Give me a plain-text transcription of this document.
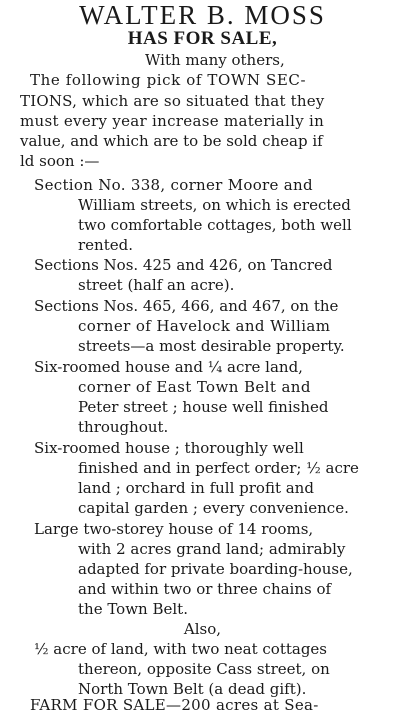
WALTER B. MOSS
HAS FOR SALE,
With many others,
The following pick of TOWN SEC-
TIONS, which are so situated that they
must every year increase materially in
value, and which are to be sold cheap if
ld soon :—
Section No. 338, corner Moore and
William streets, on which is erected
two comfortable cottages, both well
rented.
Sections Nos. 425 and 426, on Tancred
street (half an acre).
Sections Nos. 465, 466, and 467, on the
corner of Havelock and William
streets—a most desirable property.
Six-roomed house and ¼ acre land,
corner of East Town Belt and
Peter street ; house well finished
throughout.
Six-roomed house ; thoroughly well
finished and in perfect order; ½ acre
land ; orchard in full profit and
capital garden ; every convenience.
Large two-storey house of 14 rooms,
with 2 acres grand land; admirably
adapted for private boarding-house,
and within two or three chains of
the Town Belt.
Also,
½ acre of land, with two neat cottages
thereon, opposite Cass street, on
North Town Belt (a dead gift).
FARM FOR SALE—200 acres at Sea-
